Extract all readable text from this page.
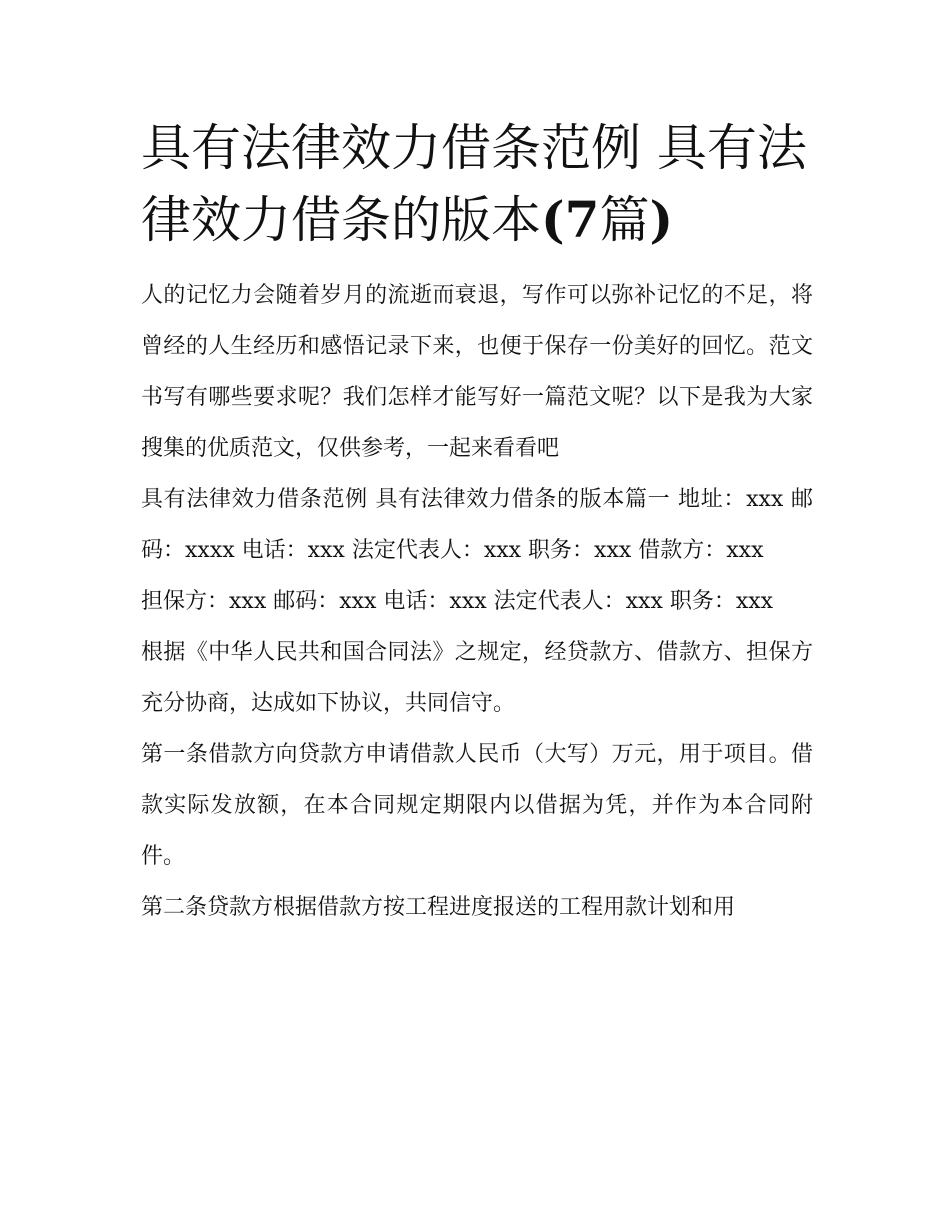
具有法律效力借条范例 具有法律效力借条的版本(7篇)

人的记忆力会随着岁月的流逝而衰退，写作可以弥补记忆的不足，将曾经的人生经历和感悟记录下来，也便于保存一份美好的回忆。范文书写有哪些要求呢？我们怎样才能写好一篇范文呢？以下是我为大家搜集的优质范文，仅供参考，一起来看看吧

具有法律效力借条范例 具有法律效力借条的版本篇一 地址：xxx 邮码：xxxx 电话：xxx 法定代表人：xxx 职务：xxx 借款方：xxx

担保方：xxx 邮码：xxx 电话：xxx 法定代表人：xxx 职务：xxx

根据《中华人民共和国合同法》之规定，经贷款方、借款方、担保方充分协商，达成如下协议，共同信守。

第一条借款方向贷款方申请借款人民币（大写）万元，用于项目。借款实际发放额，在本合同规定期限内以借据为凭，并作为本合同附件。

第二条贷款方根据借款方按工程进度报送的工程用款计划和用
